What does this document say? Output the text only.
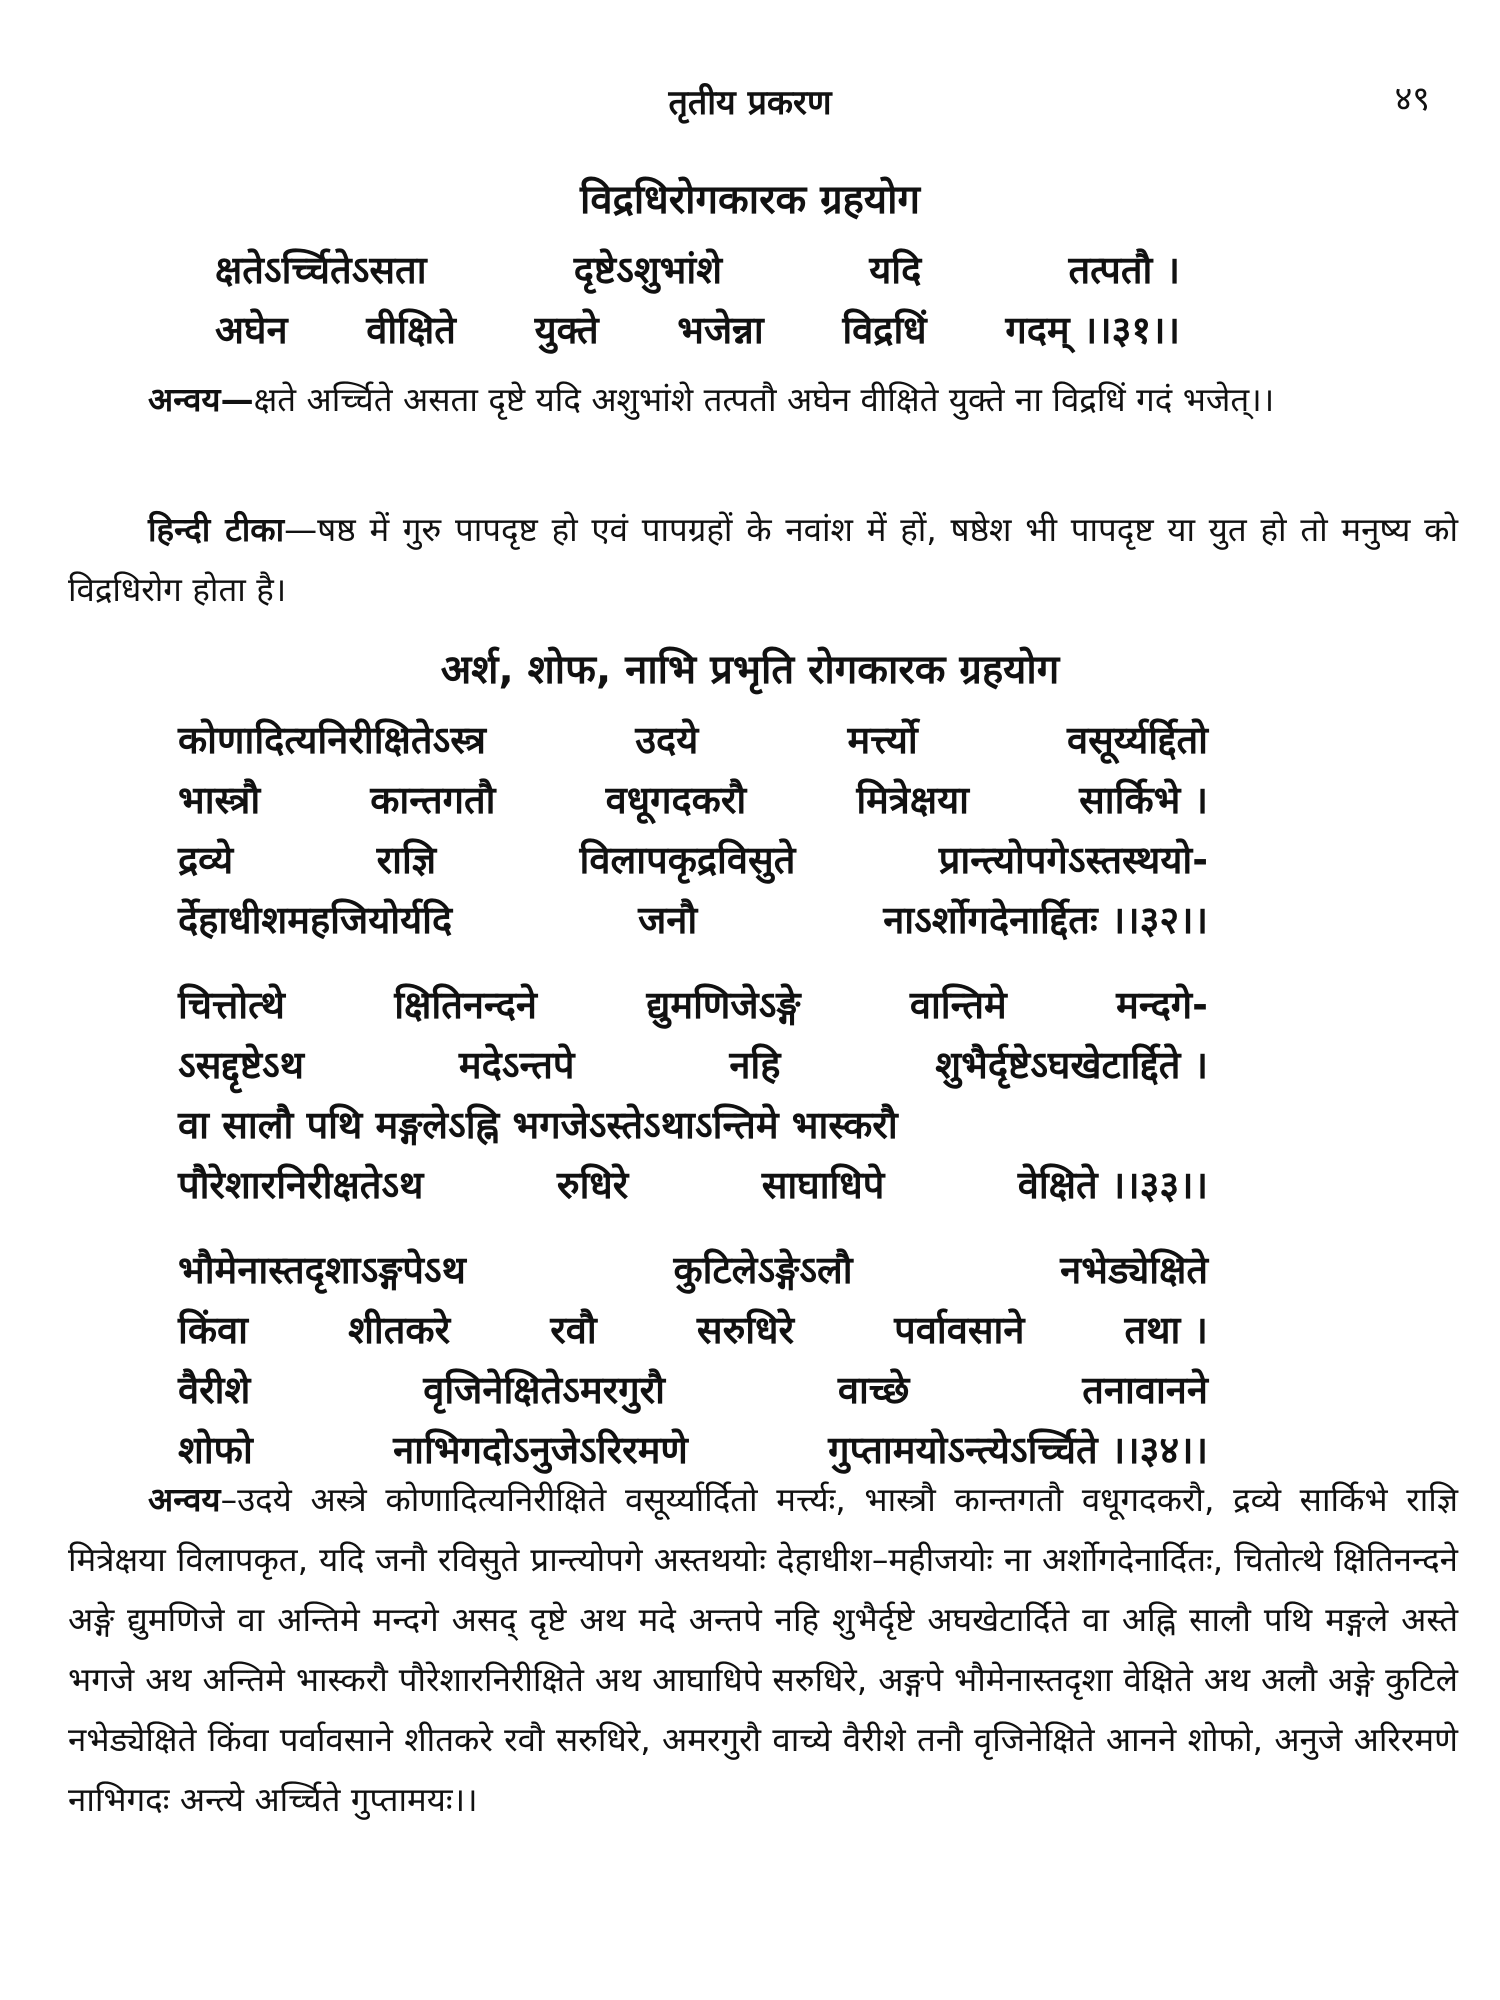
तृतीय प्रकरण	४९
विद्रधिरोगकारक ग्रहयोग
क्षतेऽर्च्चितेऽसता	दृष्टेऽशुभांशे	यदि	तत्पतौ ।
अघेन वीक्षिते युक्ते भजेन्ना विद्रधिं गदम् ।।३१।।
अन्वय—क्षते अर्च्चिते असता दृष्टे यदि अशुभांशे तत्पतौ अघेन वीक्षिते युक्ते ना विद्रधिं गदं भजेत्।।
हिन्दी टीका—षष्ठ में गुरु पापदृष्ट हो एवं पापग्रहों के नवांश में हों, षष्ठेश भी पापदृष्ट या युत हो तो मनुष्य को विद्रधिरोग होता है।
अर्श, शोफ, नाभि प्रभृति रोगकारक ग्रहयोग
कोणादित्यनिरीक्षितेऽस्त्र	उदये	मर्त्त्यो	वसूर्य्यर्द्दितो
भास्त्रौ	कान्तगतौ	वधूगदकरौ	मित्रेक्षया	सार्किभे ।
द्रव्ये	राज्ञि	विलापकृद्रविसुते	प्रान्त्योपगेऽस्तस्थयो-
र्देहाधीशमहजियोर्यदि	जनौ	नाऽर्शोगदेनार्द्दितः ।।३२।।
चित्तोत्थे	क्षितिनन्दने	द्युमणिजेऽङ्गे	वान्तिमे	मन्दगे-
ऽसद्दृष्टेऽथ	मदेऽन्तपे	नहि	शुभैर्दृष्टेऽघखेटार्द्दिते ।
वा सालौ पथि मङ्गलेऽह्नि भगजेऽस्तेऽथाऽन्तिमे भास्करौ
पौरेशारनिरीक्षतेऽथ	रुधिरे	साघाधिपे	वेक्षिते ।।३३।।
भौमेनास्तदृशाऽङ्गपेऽथ	कुटिलेऽङ्गेऽलौ	नभेड्येक्षिते
किंवा	शीतकरे	रवौ	सरुधिरे	पर्वावसाने	तथा ।
वैरीशे	वृजिनेक्षितेऽमरगुरौ	वाच्छे	तनावानने
शोफो	नाभिगदोऽनुजेऽरिरमणे	गुप्तामयोऽन्त्येऽर्च्चिते ।।३४।।
अन्वय–उदये अस्त्रे कोणादित्यनिरीक्षिते वसूर्य्यार्दितो मर्त्त्यः, भास्त्रौ कान्तगतौ वधूगदकरौ, द्रव्ये सार्किभे राज्ञि मित्रेक्षया विलापकृत, यदि जनौ रविसुते प्रान्त्योपगे अस्तथयोः देहाधीश–महीजयोः ना अर्शोगदेनार्दितः, चितोत्थे क्षितिनन्दने अङ्गे द्युमणिजे वा अन्तिमे मन्दगे असद् दृष्टे अथ मदे अन्तपे नहि शुभैर्दृष्टे अघखेटार्दिते वा अह्नि सालौ पथि मङ्गले अस्ते भगजे अथ अन्तिमे भास्करौ पौरेशारनिरीक्षिते अथ आघाधिपे सरुधिरे, अङ्गपे भौमेनास्तदृशा वेक्षिते अथ अलौ अङ्गे कुटिले नभेड्येक्षिते किंवा पर्वावसाने शीतकरे रवौ सरुधिरे, अमरगुरौ वाच्ये वैरीशे तनौ वृजिनेक्षिते आनने शोफो, अनुजे अरिरमणे नाभिगदः अन्त्ये अर्च्चिते गुप्तामयः।।
